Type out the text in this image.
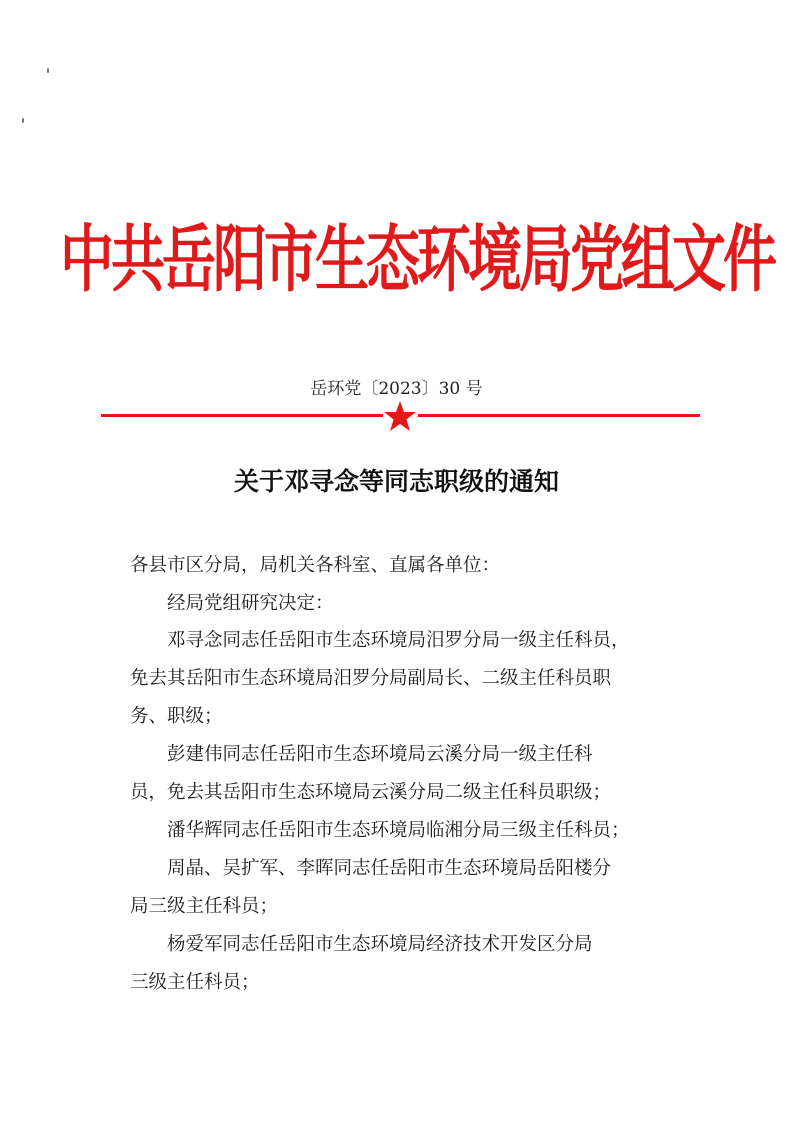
中共岳阳市生态环境局党组文件
岳环党〔2023〕30 号
关于邓寻念等同志职级的通知
各县市区分局，局机关各科室、直属各单位：
经局党组研究决定：
邓寻念同志任岳阳市生态环境局汨罗分局一级主任科员，
免去其岳阳市生态环境局汨罗分局副局长、二级主任科员职
务、职级；
彭建伟同志任岳阳市生态环境局云溪分局一级主任科
员，免去其岳阳市生态环境局云溪分局二级主任科员职级；
潘华辉同志任岳阳市生态环境局临湘分局三级主任科员；
周晶、吴扩军、李晖同志任岳阳市生态环境局岳阳楼分
局三级主任科员；
杨爱军同志任岳阳市生态环境局经济技术开发区分局
三级主任科员；
